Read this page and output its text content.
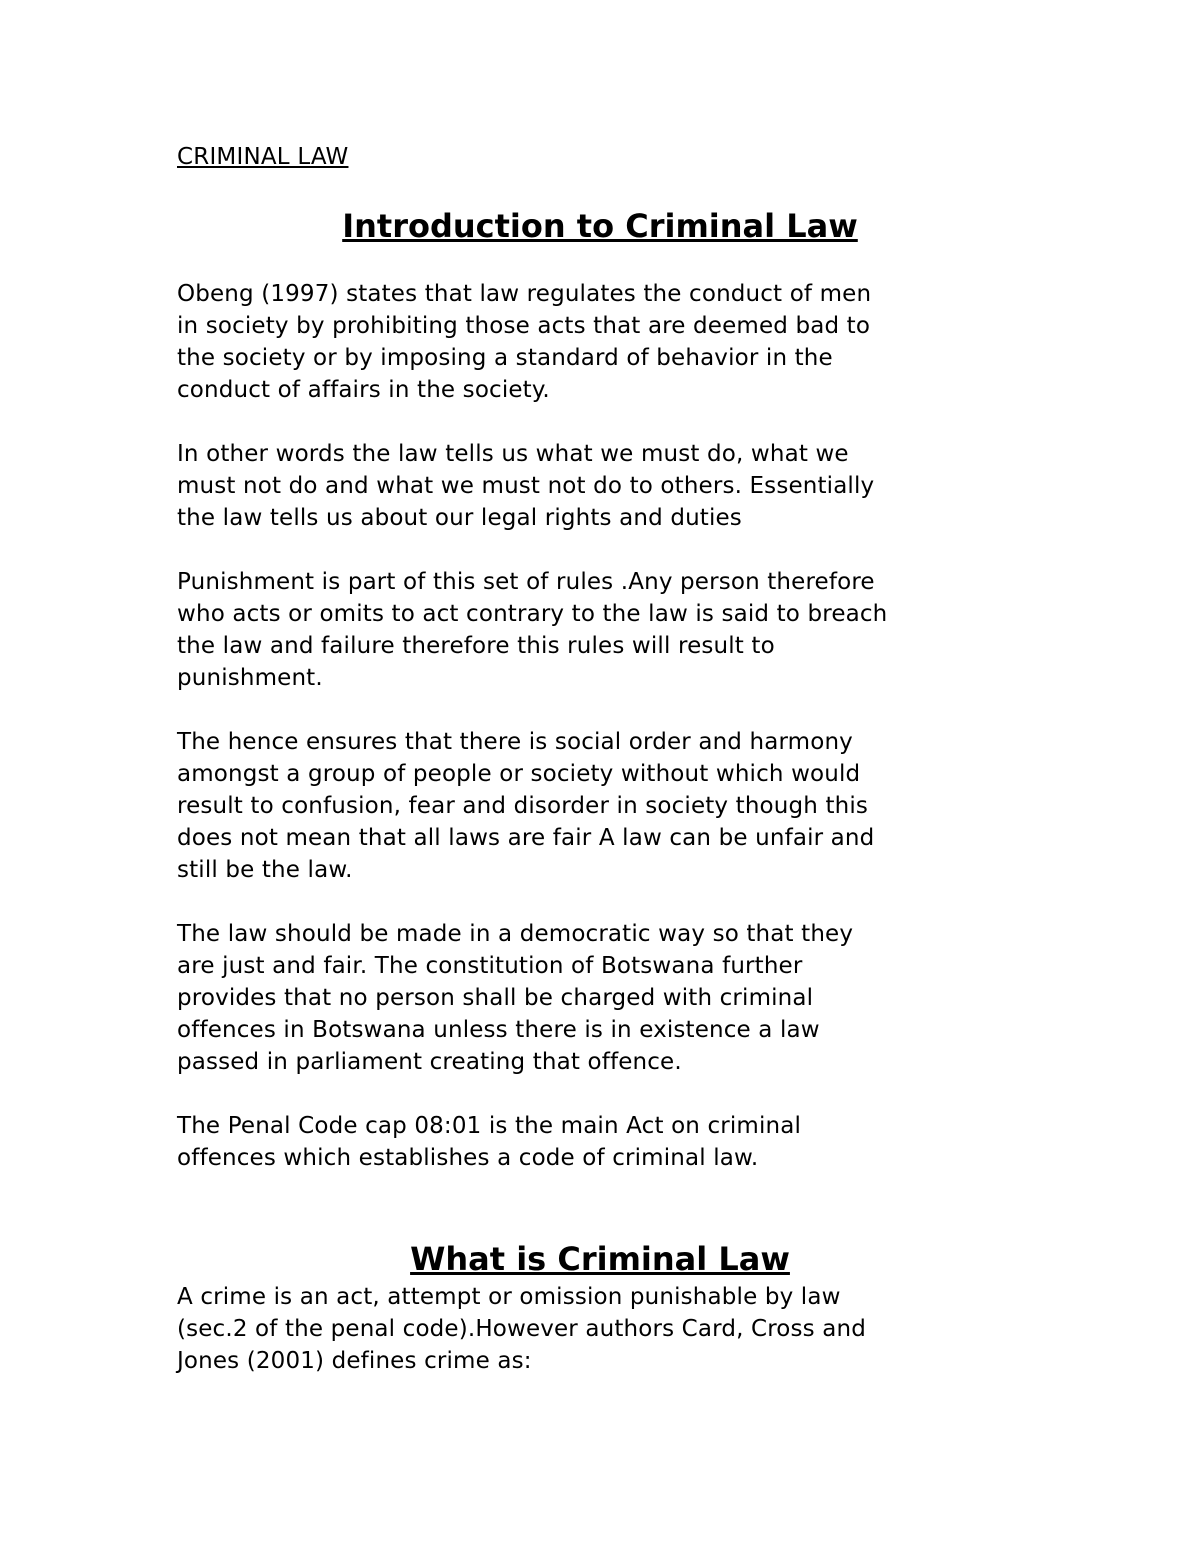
CRIMINAL LAW

Introduction to Criminal Law

Obeng (1997) states that law regulates the conduct of men
in society by prohibiting those acts that are deemed bad to
the society or by imposing a standard of behavior in the
conduct of affairs in the society.

In other words the law tells us what we must do, what we
must not do and what we must not do to others. Essentially
the law tells us about our legal rights and duties

Punishment is part of this set of rules .Any person therefore
who acts or omits to act contrary to the law is said to breach
the law and failure therefore this rules will result to
punishment.

The hence ensures that there is social order and harmony
amongst a group of people or society without which would
result to confusion, fear and disorder in society though this
does not mean that all laws are fair A law can be unfair and
still be the law.

The law should be made in a democratic way so that they
are just and fair. The constitution of Botswana further
provides that no person shall be charged with criminal
offences in Botswana unless there is in existence a law
passed in parliament creating that offence.

The Penal Code cap 08:01 is the main Act on criminal
offences which establishes a code of criminal law.

What is Criminal Law

A crime is an act, attempt or omission punishable by law
(sec.2 of the penal code).However authors Card, Cross and
Jones (2001) defines crime as:
